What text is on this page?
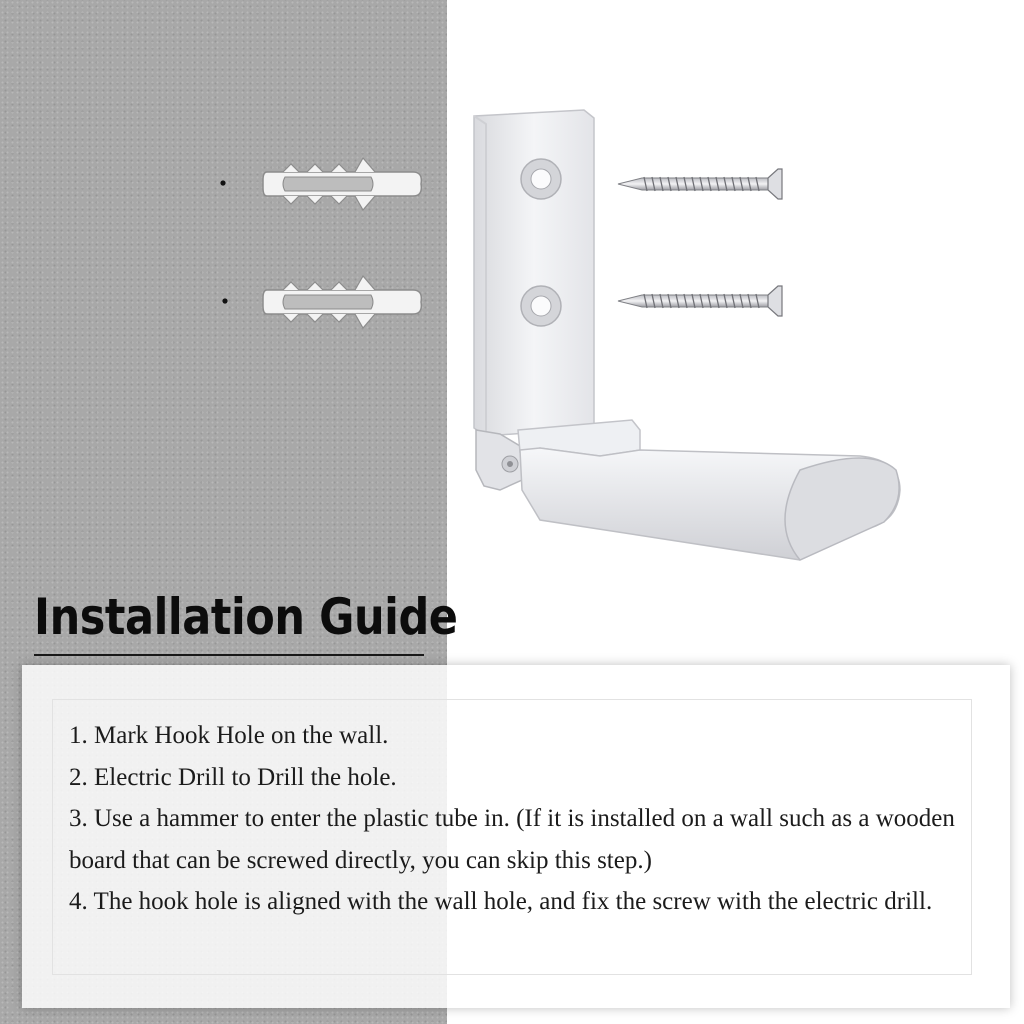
Installation Guide

1. Mark Hook Hole on the wall.

2. Electric Drill to Drill the hole.

3. Use a hammer to enter the plastic tube in. (If it is installed on a wall such as a wooden board that can be screwed directly, you can skip this step.)

4. The hook hole is aligned with the wall hole, and fix the screw with the electric drill.
